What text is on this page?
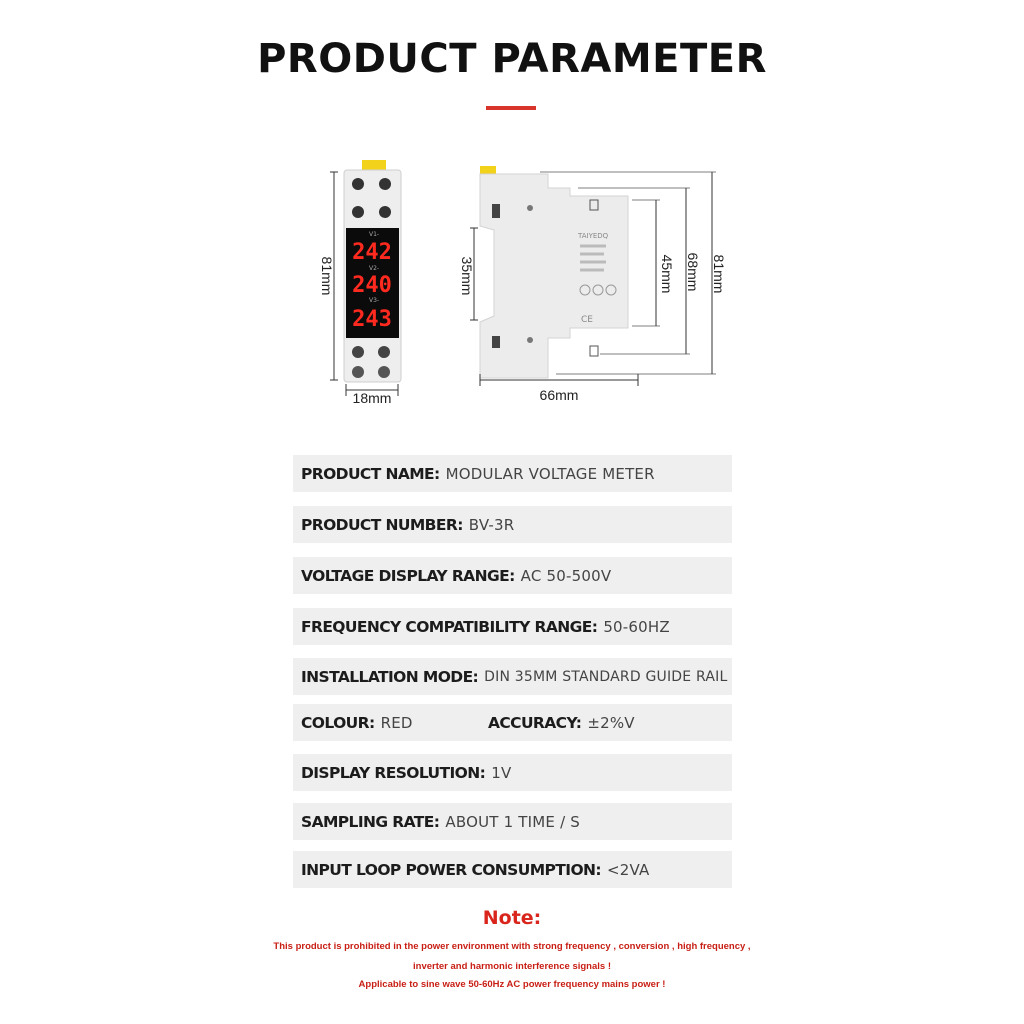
PRODUCT PARAMETER
V1-
V2-
V3-
242
240
243
81mm
18mm
TAIYEDQ
CE
35mm	45mm 68mm 81mm
66mm
PRODUCT NAME: MODULAR VOLTAGE METER
PRODUCT NUMBER: BV-3R
VOLTAGE DISPLAY RANGE: AC 50-500V
FREQUENCY COMPATIBILITY RANGE: 50-60HZ
INSTALLATION MODE: DIN 35MM STANDARD GUIDE RAIL
COLOUR: RED	ACCURACY: ±2%V
DISPLAY RESOLUTION: 1V
SAMPLING RATE: ABOUT 1 TIME / S
INPUT LOOP POWER CONSUMPTION: <2VA
Note:
This product is prohibited in the power environment with strong frequency , conversion , high frequency ,
inverter and harmonic interference signals !
Applicable to sine wave 50-60Hz AC power frequency mains power !
